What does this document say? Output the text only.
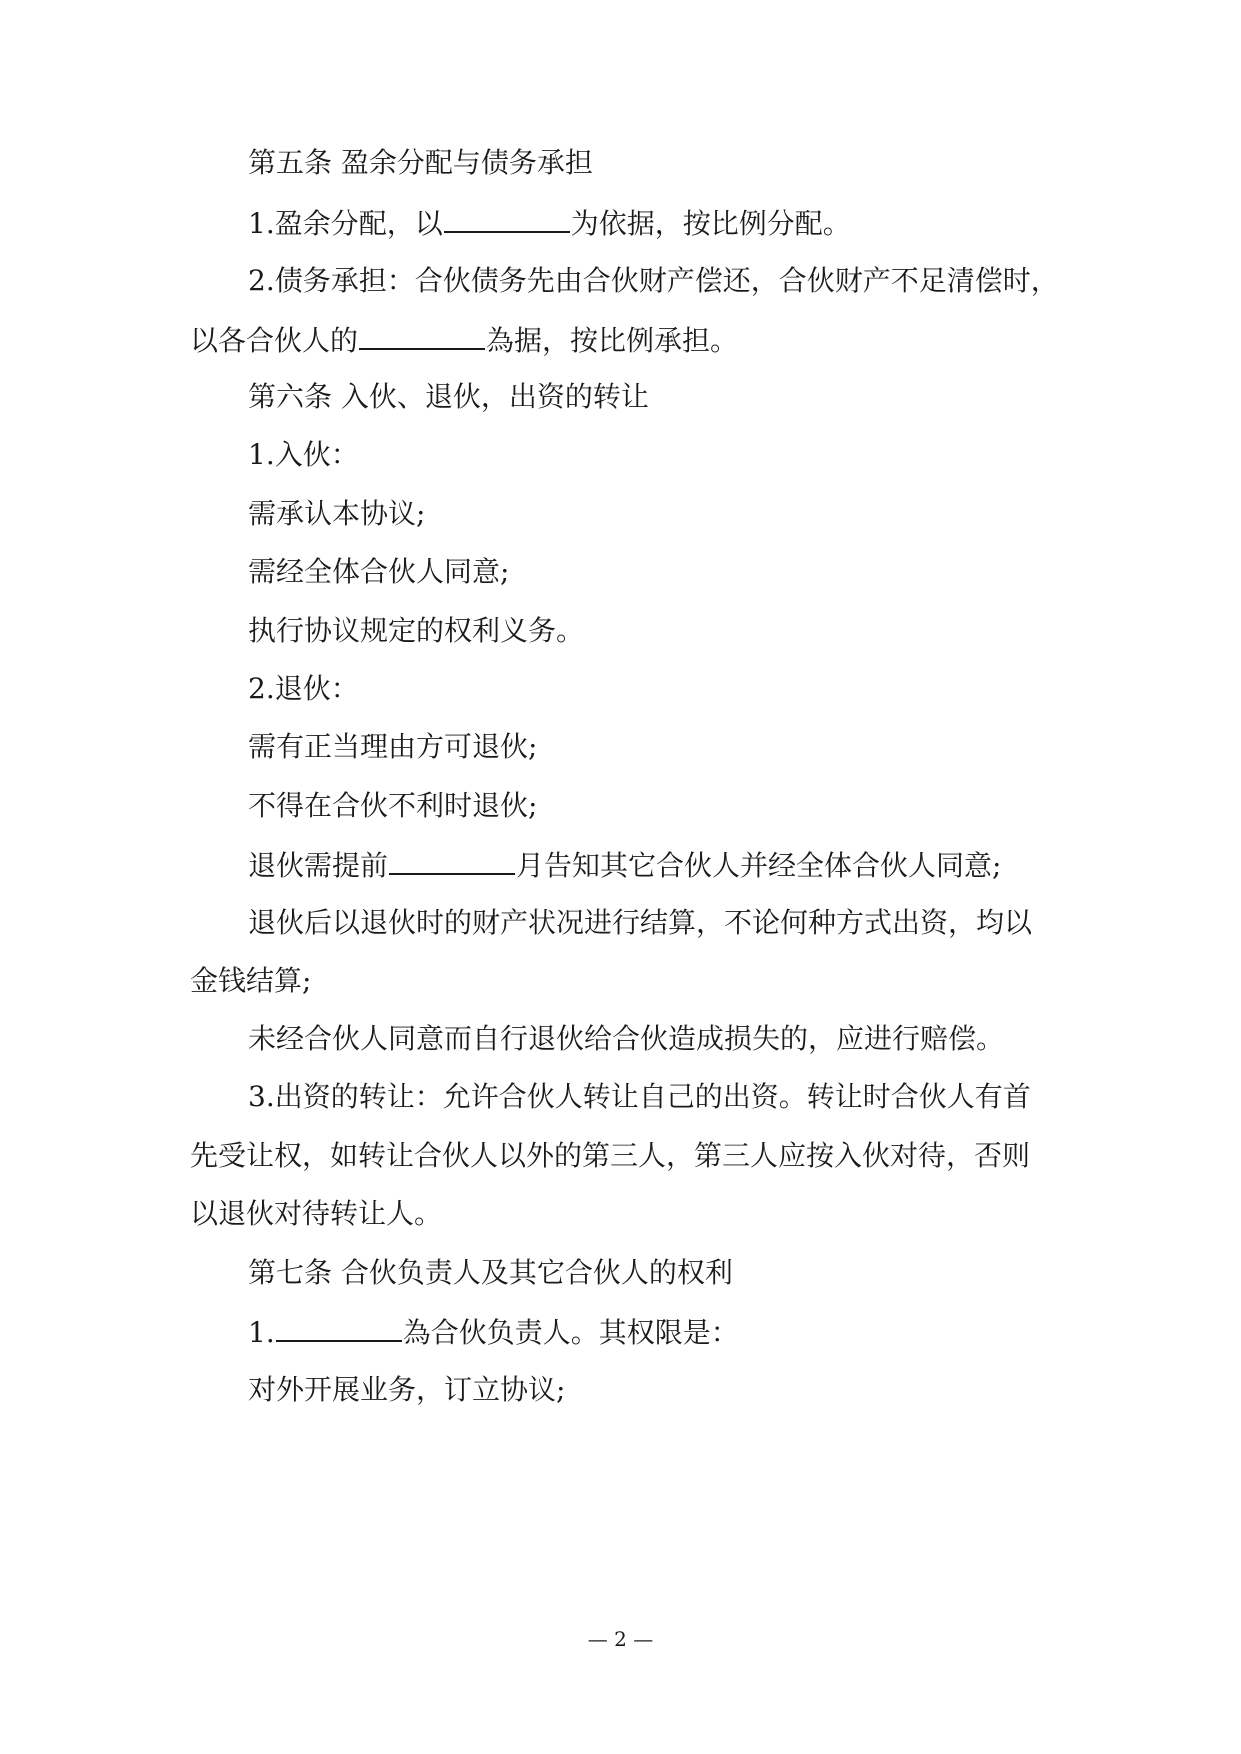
第五条 盈余分配与债务承担
1.盈余分配，以	为依据，按比例分配。
2.债务承担：合伙债务先由合伙财产偿还，合伙财产不足清偿时，
以各合伙人的	為据，按比例承担。
第六条 入伙、退伙，出资的转让
1.入伙：
需承认本协议;
需经全体合伙人同意;
执行协议规定的权利义务。
2.退伙：
需有正当理由方可退伙;
不得在合伙不利时退伙;
退伙需提前	月告知其它合伙人并经全体合伙人同意;
退伙后以退伙时的财产状况进行结算，不论何种方式出资，均以
金钱结算;
未经合伙人同意而自行退伙给合伙造成损失的，应进行赔偿。
3.出资的转让：允许合伙人转让自己的出资。转让时合伙人有首
先受让权，如转让合伙人以外的第三人，第三人应按入伙对待，否则
以退伙对待转让人。
第七条 合伙负责人及其它合伙人的权利
1.	為合伙负责人。其权限是：
对外开展业务，订立协议;
— 2 —
